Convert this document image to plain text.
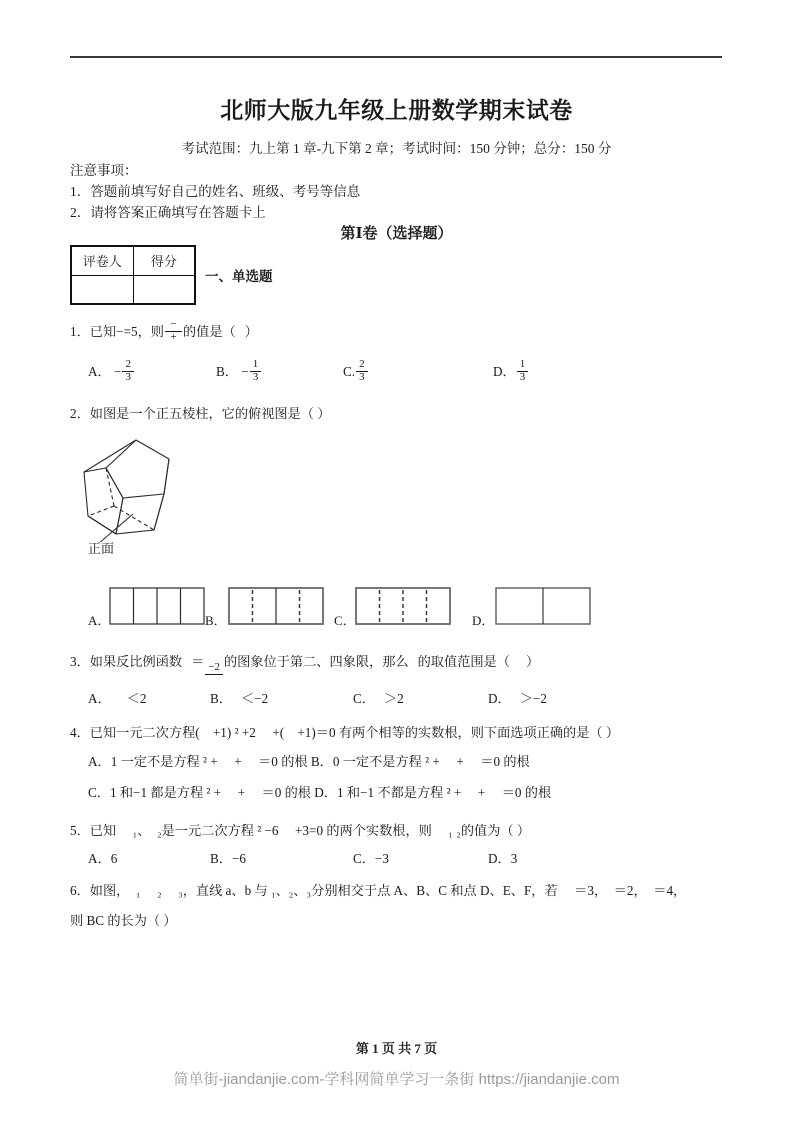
北师大版九年级上册数学期末试卷
考试范围：九上第 1 章-九下第 2 章；考试时间：150 分钟；总分：150 分
注意事项：
1．答题前填写好自己的姓名、班级、考号等信息
2．请将答案正确填写在答题卡上
第Ⅰ卷（选择题）
评卷人	得分

一、单选题
1．已知−=5，则 $\frac{-}{+}$ 的值是（ ）
A． − $\frac{2}{3}$	B． − $\frac{1}{3}$	C. $\frac{2}{3}$	D． $\frac{1}{3}$
2．如图是一个正五棱柱，它的俯视图是（ ）
正面
A．	B．	C．	D．
3．如果反比例函数 ＝ −2 的图象位于第二、四象限，那么 的取值范围是（ ）
A． ＜2	B． ＜−2	C． ＞2	D． ＞−2
4．已知一元二次方程(　+1) ² +2 　+(　+1)＝0 有两个相等的实数根，则下面选项正确的是（ ）
A．1 一定不是方程 ² +　 +　 ＝0 的根 B．0 一定不是方程 ² +　 +　 ＝0 的根
C．1 和−1 都是方程 ² +　 +　 ＝0 的根 D．1 和−1 不都是方程 ² +　 +　 ＝0 的根
5．已知 　₁、　₂是一元二次方程 ² −6 　+3=0 的两个实数根，则 　₁ ₂的值为（ ）
A．6	B．−6	C．−3	D．3
6．如图，　₁ 　₂ 　₃，直线 a、b 与 ₁、₂、₃分别相交于点 A、B、C 和点 D、E、F，若 　＝3，　＝2，　＝4，
则 BC 的长为（ ）
第 1 页 共 7 页
简单街-jiandanjie.com-学科网简单学习一条街 https://jiandanjie.com
